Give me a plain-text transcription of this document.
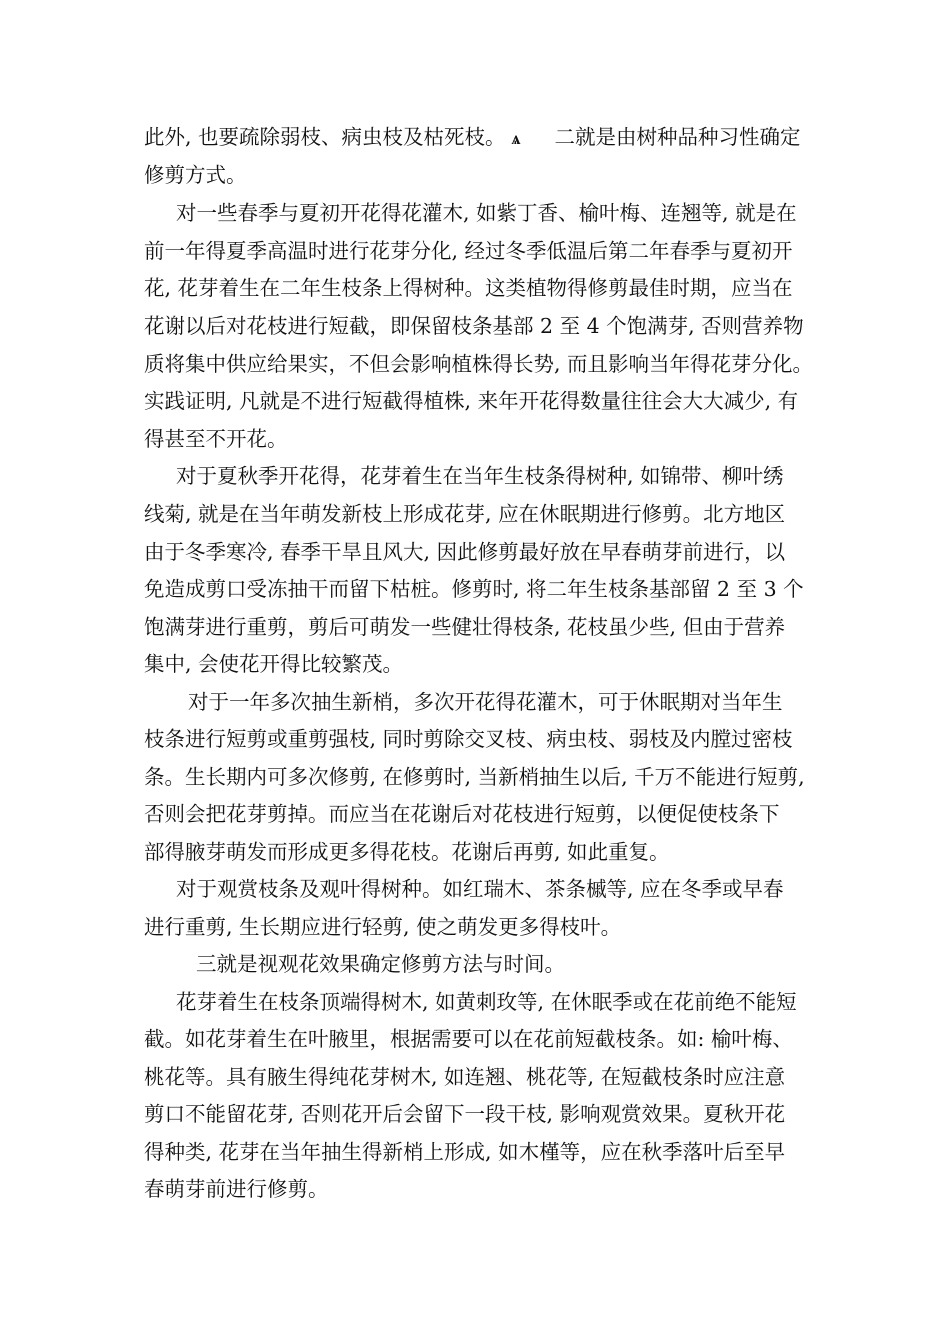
此外, 也要疏除弱枝、病虫枝及枯死枝。 ѧ 二就是由树种品种习性确定
修剪方式。
对一些春季与夏初开花得花灌木, 如紫丁香、榆叶梅、连翘等, 就是在
前一年得夏季高温时进行花芽分化, 经过冬季低温后第二年春季与夏初开
花, 花芽着生在二年生枝条上得树种。这类植物得修剪最佳时期，应当在
花谢以后对花枝进行短截，即保留枝条基部 2 至 4 个饱满芽, 否则营养物
质将集中供应给果实，不但会影响植株得长势, 而且影响当年得花芽分化。
实践证明, 凡就是不进行短截得植株, 来年开花得数量往往会大大减少, 有
得甚至不开花。
对于夏秋季开花得，花芽着生在当年生枝条得树种, 如锦带、柳叶绣
线菊, 就是在当年萌发新枝上形成花芽, 应在休眠期进行修剪。北方地区
由于冬季寒冷, 春季干旱且风大, 因此修剪最好放在早春萌芽前进行，以
免造成剪口受冻抽干而留下枯桩。修剪时, 将二年生枝条基部留 2 至 3 个
饱满芽进行重剪，剪后可萌发一些健壮得枝条, 花枝虽少些, 但由于营养
集中, 会使花开得比较繁茂。
对于一年多次抽生新梢，多次开花得花灌木，可于休眠期对当年生
枝条进行短剪或重剪强枝, 同时剪除交叉枝、病虫枝、弱枝及内膛过密枝
条。生长期内可多次修剪, 在修剪时, 当新梢抽生以后, 千万不能进行短剪,
否则会把花芽剪掉。而应当在花谢后对花枝进行短剪，以便促使枝条下
部得腋芽萌发而形成更多得花枝。花谢后再剪, 如此重复。
对于观赏枝条及观叶得树种。如红瑞木、茶条槭等, 应在冬季或早春
进行重剪, 生长期应进行轻剪, 使之萌发更多得枝叶。
三就是视观花效果确定修剪方法与时间。
花芽着生在枝条顶端得树木, 如黄刺玫等, 在休眠季或在花前绝不能短
截。如花芽着生在叶腋里，根据需要可以在花前短截枝条。如: 榆叶梅、
桃花等。具有腋生得纯花芽树木, 如连翘、桃花等, 在短截枝条时应注意
剪口不能留花芽, 否则花开后会留下一段干枝, 影响观赏效果。夏秋开花
得种类, 花芽在当年抽生得新梢上形成, 如木槿等，应在秋季落叶后至早
春萌芽前进行修剪。
